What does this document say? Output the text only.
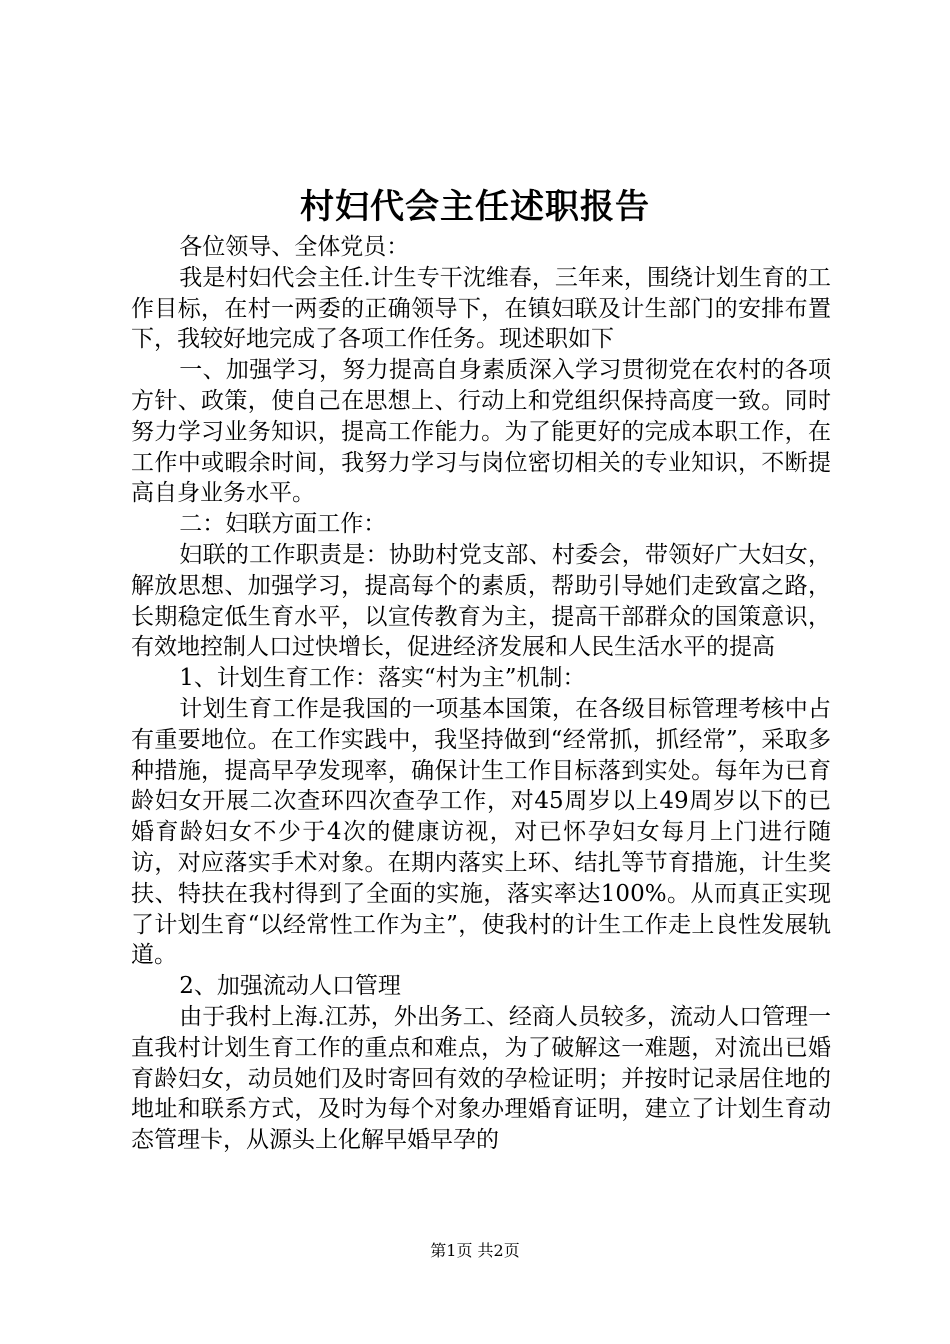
村妇代会主任述职报告

各位领导、全体党员：

我是村妇代会主任.计生专干沈维春，三年来，围绕计划生育的工作目标，在村一两委的正确领导下，在镇妇联及计生部门的安排布置下，我较好地完成了各项工作任务。现述职如下

一、加强学习，努力提高自身素质深入学习贯彻党在农村的各项方针、政策，使自己在思想上、行动上和党组织保持高度一致。同时努力学习业务知识，提高工作能力。为了能更好的完成本职工作，在工作中或暇余时间，我努力学习与岗位密切相关的专业知识，不断提高自身业务水平。

二：妇联方面工作：

妇联的工作职责是：协助村党支部、村委会，带领好广大妇女，解放思想、加强学习，提高每个的素质，帮助引导她们走致富之路，长期稳定低生育水平，以宣传教育为主，提高干部群众的国策意识，有效地控制人口过快增长，促进经济发展和人民生活水平的提高

1、计划生育工作：落实“村为主”机制：

计划生育工作是我国的一项基本国策，在各级目标管理考核中占有重要地位。在工作实践中，我坚持做到“经常抓，抓经常”，采取多种措施，提高早孕发现率，确保计生工作目标落到实处。每年为已育龄妇女开展二次查环四次查孕工作，对45周岁以上49周岁以下的已婚育龄妇女不少于4次的健康访视，对已怀孕妇女每月上门进行随访，对应落实手术对象。在期内落实上环、结扎等节育措施，计生奖扶、特扶在我村得到了全面的实施，落实率达100%。从而真正实现了计划生育“以经常性工作为主”，使我村的计生工作走上良性发展轨道。

2、加强流动人口管理

由于我村上海.江苏，外出务工、经商人员较多，流动人口管理一直我村计划生育工作的重点和难点，为了破解这一难题，对流出已婚育龄妇女，动员她们及时寄回有效的孕检证明；并按时记录居住地的地址和联系方式，及时为每个对象办理婚育证明，建立了计划生育动态管理卡，从源头上化解早婚早孕的

第1页 共2页
